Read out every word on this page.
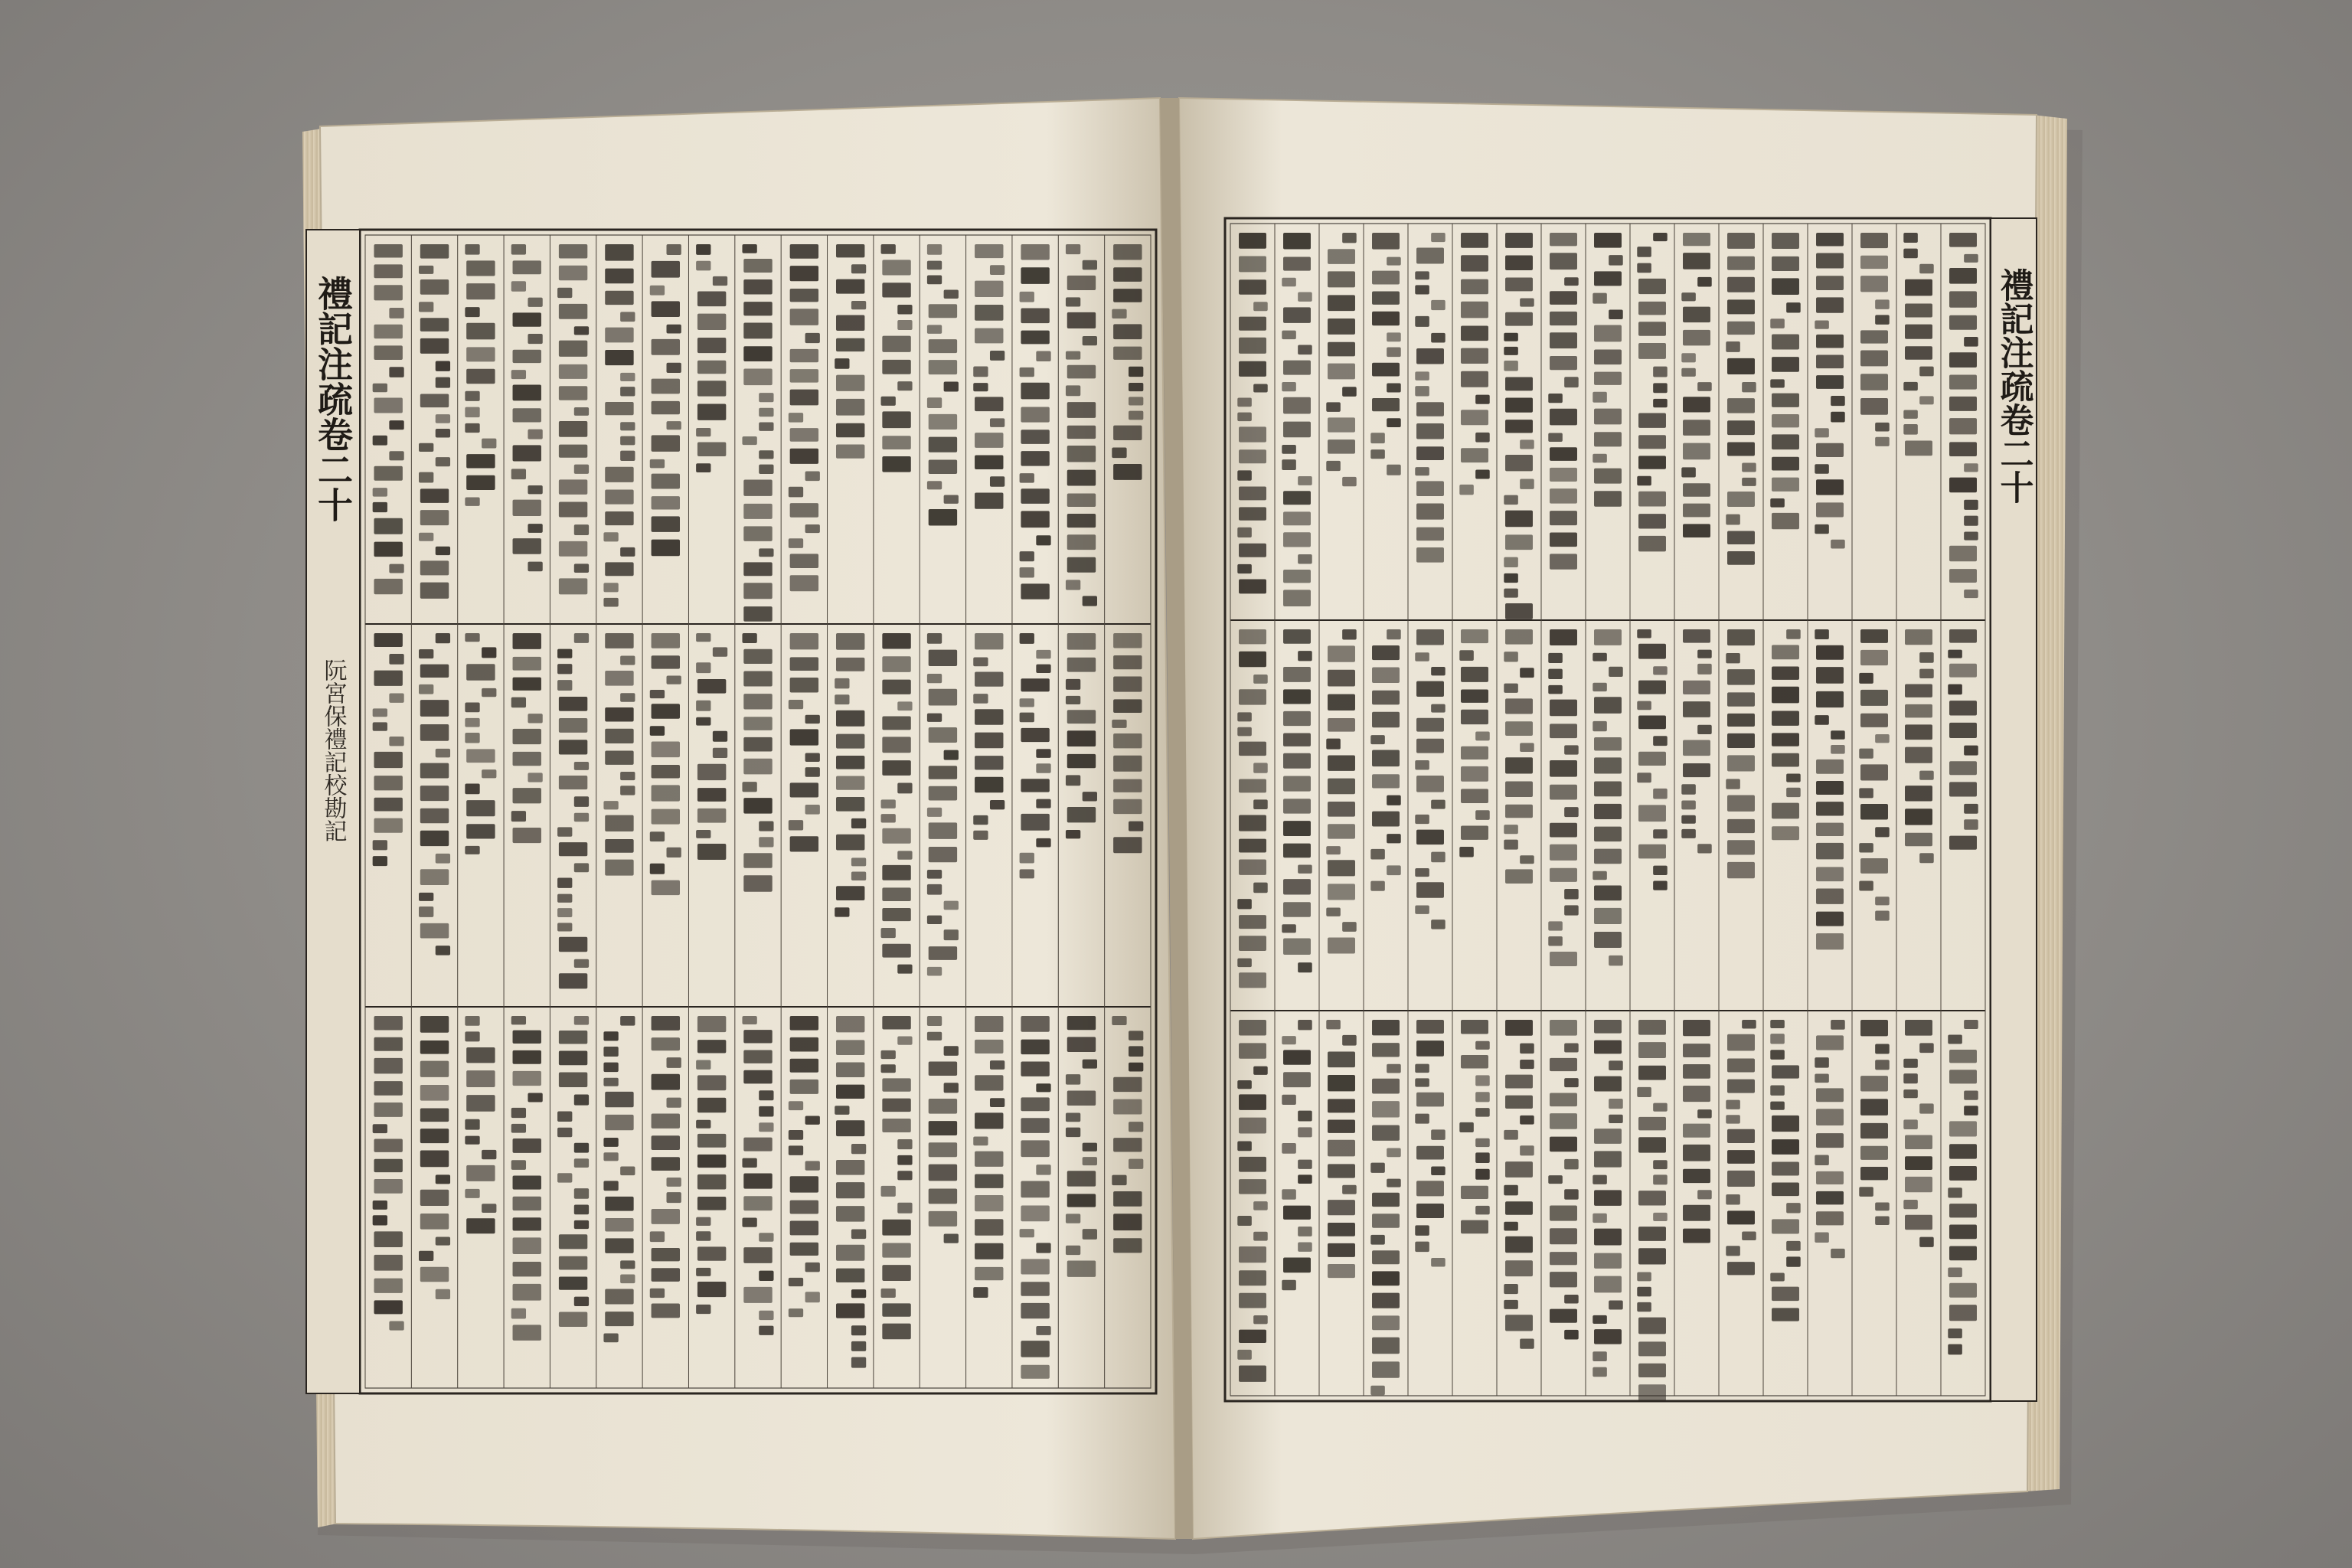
禮記注疏卷二十
阮宮保禮記校勘記
禮記注疏卷二十
